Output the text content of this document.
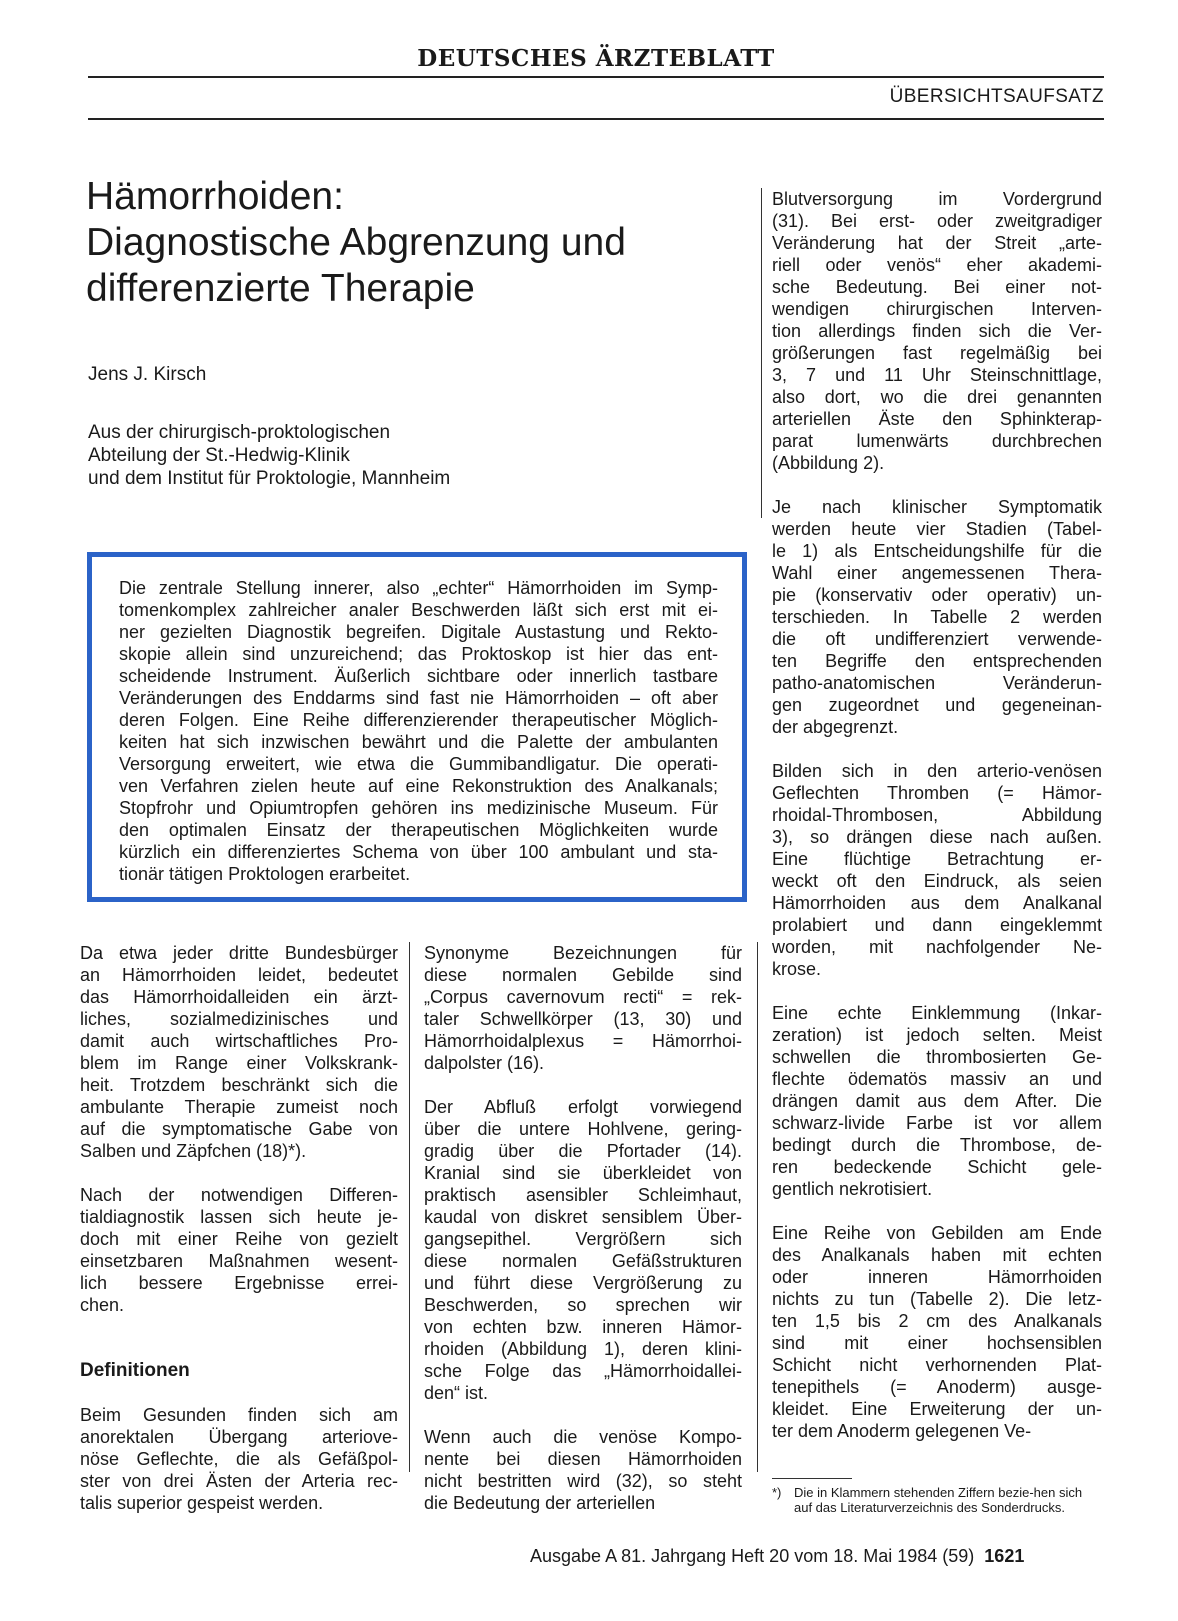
DEUTSCHES ÄRZTEBLATT
ÜBERSICHTSAUFSATZ
Hämorrhoiden:
Diagnostische Abgrenzung und
differenzierte Therapie
Jens J. Kirsch
Aus der chirurgisch-proktologischen
Abteilung der St.-Hedwig-Klinik
und dem Institut für Proktologie, Mannheim
Die zentrale Stellung innerer, also „echter“ Hämorrhoiden im Symp-
tomenkomplex zahlreicher analer Beschwerden läßt sich erst mit ei-
ner gezielten Diagnostik begreifen. Digitale Austastung und Rekto-
skopie allein sind unzureichend; das Proktoskop ist hier das ent-
scheidende Instrument. Äußerlich sichtbare oder innerlich tastbare
Veränderungen des Enddarms sind fast nie Hämorrhoiden – oft aber
deren Folgen. Eine Reihe differenzierender therapeutischer Möglich-
keiten hat sich inzwischen bewährt und die Palette der ambulanten
Versorgung erweitert, wie etwa die Gummibandligatur. Die operati-
ven Verfahren zielen heute auf eine Rekonstruktion des Analkanals;
Stopfrohr und Opiumtropfen gehören ins medizinische Museum. Für
den optimalen Einsatz der therapeutischen Möglichkeiten wurde
kürzlich ein differenziertes Schema von über 100 ambulant und sta-
tionär tätigen Proktologen erarbeitet.
Da etwa jeder dritte Bundesbürger
an Hämorrhoiden leidet, bedeutet
das Hämorrhoidalleiden ein ärzt-
liches, sozialmedizinisches und
damit auch wirtschaftliches Pro-
blem im Range einer Volkskrank-
heit. Trotzdem beschränkt sich die
ambulante Therapie zumeist noch
auf die symptomatische Gabe von
Salben und Zäpfchen (18)*).
Nach der notwendigen Differen-
tialdiagnostik lassen sich heute je-
doch mit einer Reihe von gezielt
einsetzbaren Maßnahmen wesent-
lich bessere Ergebnisse errei-
chen.
Definitionen
Beim Gesunden finden sich am
anorektalen Übergang arteriove-
nöse Geflechte, die als Gefäßpol-
ster von drei Ästen der Arteria rec-
talis superior gespeist werden.
Synonyme Bezeichnungen für
diese normalen Gebilde sind
„Corpus cavernovum recti“ = rek-
taler Schwellkörper (13, 30) und
Hämorrhoidalplexus = Hämorrhoi-
dalpolster (16).
Der Abfluß erfolgt vorwiegend
über die untere Hohlvene, gering-
gradig über die Pfortader (14).
Kranial sind sie überkleidet von
praktisch asensibler Schleimhaut,
kaudal von diskret sensiblem Über-
gangsepithel. Vergrößern sich
diese normalen Gefäßstrukturen
und führt diese Vergrößerung zu
Beschwerden, so sprechen wir
von echten bzw. inneren Hämor-
rhoiden (Abbildung 1), deren klini-
sche Folge das „Hämorrhoidallei-
den“ ist.
Wenn auch die venöse Kompo-
nente bei diesen Hämorrhoiden
nicht bestritten wird (32), so steht
die Bedeutung der arteriellen
Blutversorgung im Vordergrund
(31). Bei erst- oder zweitgradiger
Veränderung hat der Streit „arte-
riell oder venös“ eher akademi-
sche Bedeutung. Bei einer not-
wendigen chirurgischen Interven-
tion allerdings finden sich die Ver-
größerungen fast regelmäßig bei
3, 7 und 11 Uhr Steinschnittlage,
also dort, wo die drei genannten
arteriellen Äste den Sphinkterap-
parat lumenwärts durchbrechen
(Abbildung 2).
Je nach klinischer Symptomatik
werden heute vier Stadien (Tabel-
le 1) als Entscheidungshilfe für die
Wahl einer angemessenen Thera-
pie (konservativ oder operativ) un-
terschieden. In Tabelle 2 werden
die oft undifferenziert verwende-
ten Begriffe den entsprechenden
patho-anatomischen Veränderun-
gen zugeordnet und gegeneinan-
der abgegrenzt.
Bilden sich in den arterio-venösen
Geflechten Thromben (= Hämor-
rhoidal-Thrombosen, Abbildung
3), so drängen diese nach außen.
Eine flüchtige Betrachtung er-
weckt oft den Eindruck, als seien
Hämorrhoiden aus dem Analkanal
prolabiert und dann eingeklemmt
worden, mit nachfolgender Ne-
krose.
Eine echte Einklemmung (Inkar-
zeration) ist jedoch selten. Meist
schwellen die thrombosierten Ge-
flechte ödematös massiv an und
drängen damit aus dem After. Die
schwarz-livide Farbe ist vor allem
bedingt durch die Thrombose, de-
ren bedeckende Schicht gele-
gentlich nekrotisiert.
Eine Reihe von Gebilden am Ende
des Analkanals haben mit echten
oder inneren Hämorrhoiden
nichts zu tun (Tabelle 2). Die letz-
ten 1,5 bis 2 cm des Analkanals
sind mit einer hochsensiblen
Schicht nicht verhornenden Plat-
tenepithels (= Anoderm) ausge-
kleidet. Eine Erweiterung der un-
ter dem Anoderm gelegenen Ve-
*) Die in Klammern stehenden Ziffern bezie-hen sich auf das Literaturverzeichnis des Sonderdrucks.
Ausgabe A 81. Jahrgang Heft 20 vom 18. Mai 1984 (59) 1621
